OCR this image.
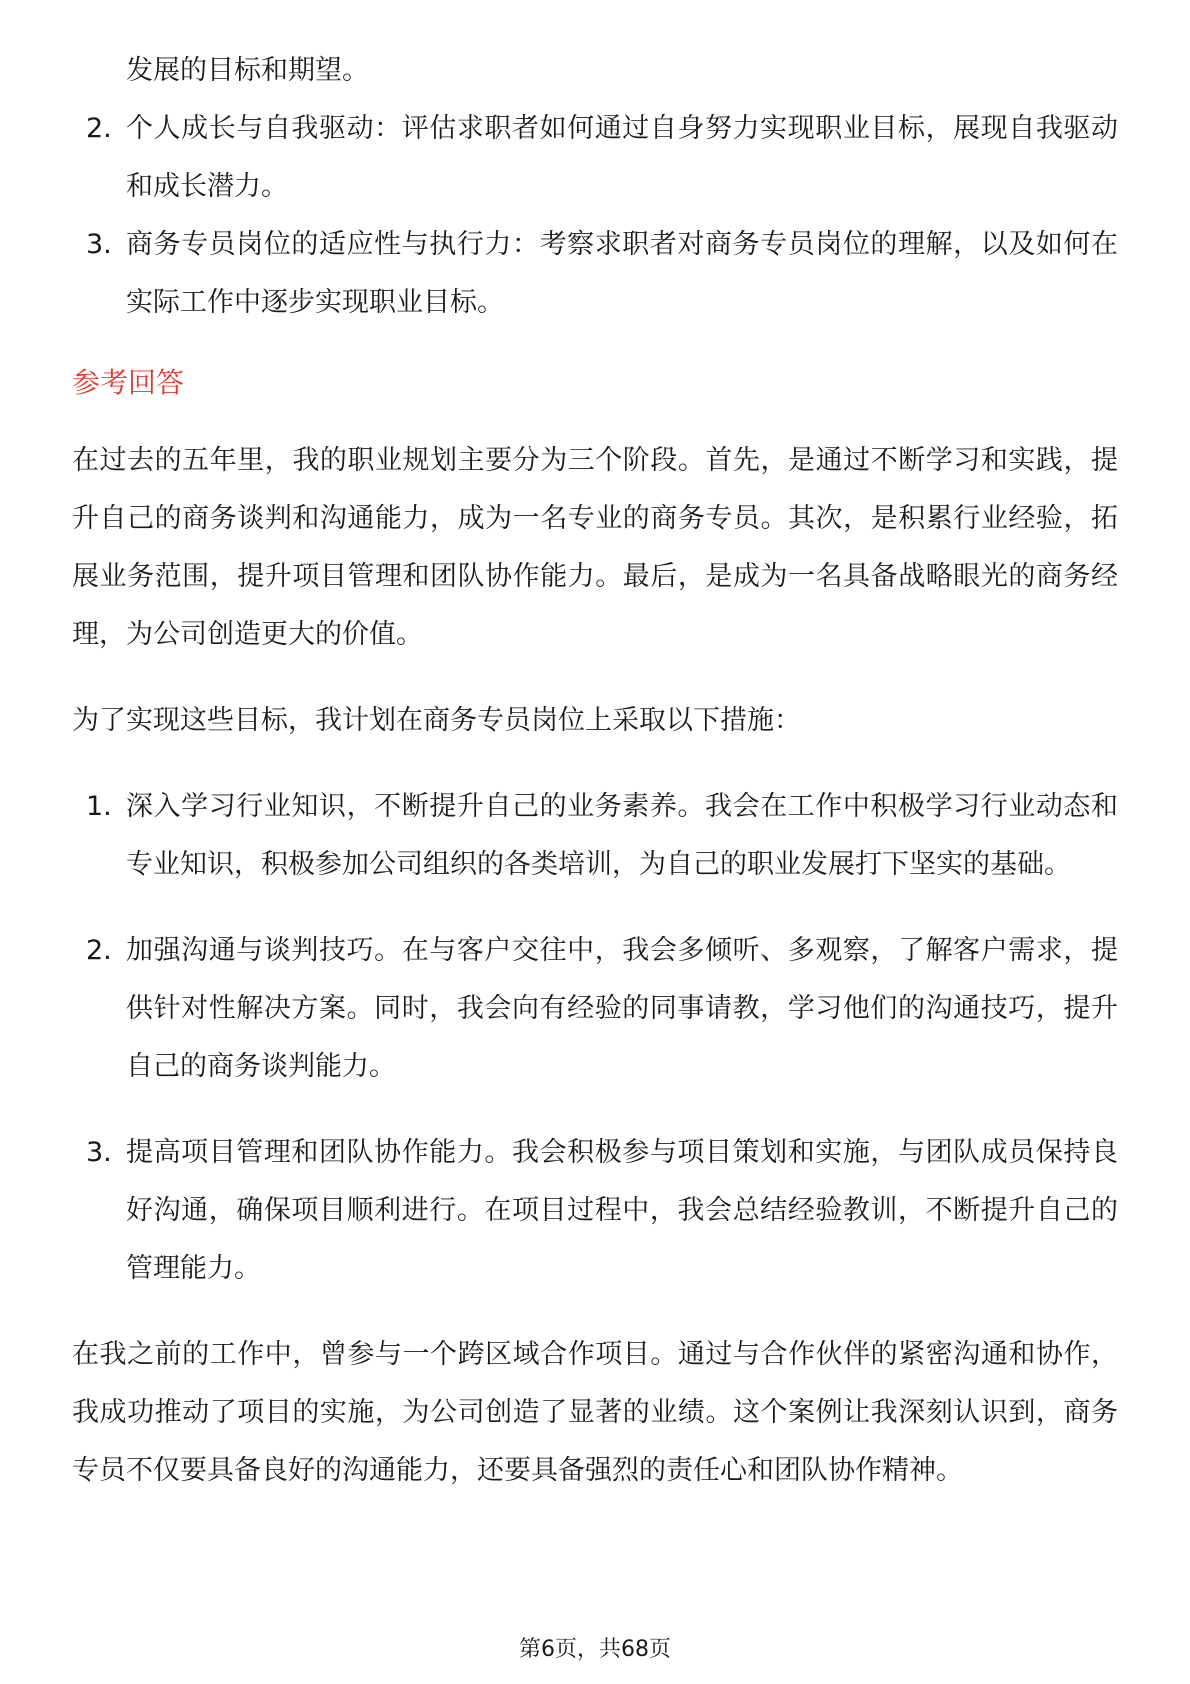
发展的目标和期望。

2. 个人成长与自我驱动：评估求职者如何通过自身努力实现职业目标，展现自我驱动和成长潜力。
3. 商务专员岗位的适应性与执行力：考察求职者对商务专员岗位的理解，以及如何在实际工作中逐步实现职业目标。
参考回答

在过去的五年里，我的职业规划主要分为三个阶段。首先，是通过不断学习和实践，提升自己的商务谈判和沟通能力，成为一名专业的商务专员。其次，是积累行业经验，拓展业务范围，提升项目管理和团队协作能力。最后，是成为一名具备战略眼光的商务经理，为公司创造更大的价值。

为了实现这些目标，我计划在商务专员岗位上采取以下措施：

1. 深入学习行业知识，不断提升自己的业务素养。我会在工作中积极学习行业动态和专业知识，积极参加公司组织的各类培训，为自己的职业发展打下坚实的基础。
2. 加强沟通与谈判技巧。在与客户交往中，我会多倾听、多观察，了解客户需求，提供针对性解决方案。同时，我会向有经验的同事请教，学习他们的沟通技巧，提升自己的商务谈判能力。
3. 提高项目管理和团队协作能力。我会积极参与项目策划和实施，与团队成员保持良好沟通，确保项目顺利进行。在项目过程中，我会总结经验教训，不断提升自己的管理能力。

在我之前的工作中，曾参与一个跨区域合作项目。通过与合作伙伴的紧密沟通和协作，我成功推动了项目的实施，为公司创造了显著的业绩。这个案例让我深刻认识到，商务专员不仅要具备良好的沟通能力，还要具备强烈的责任心和团队协作精神。

第6页，共68页
